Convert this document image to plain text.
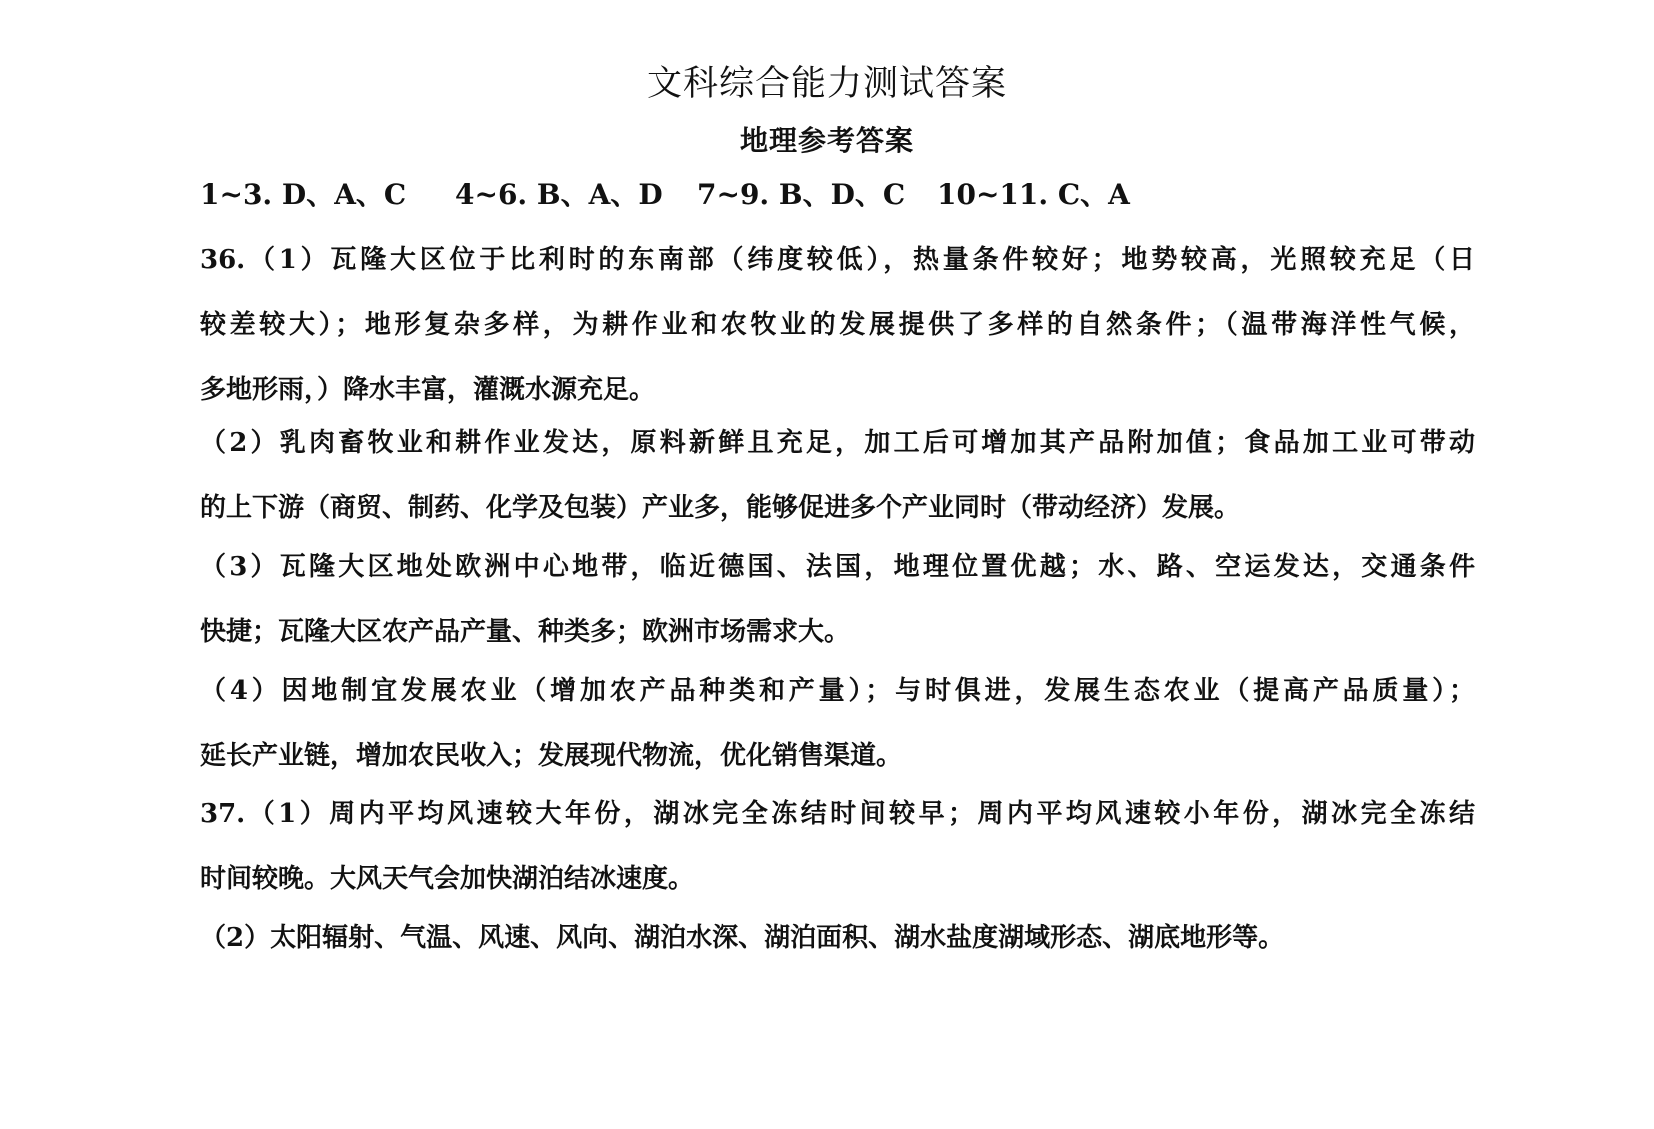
文科综合能力测试答案
地理参考答案
1~3. D、A、C 4~6. B、A、D 7~9. B、D、C 10~11. C、A
36.（1）瓦隆大区位于比利时的东南部（纬度较低），热量条件较好；地势较高，光照较充足（日
较差较大）；地形复杂多样，为耕作业和农牧业的发展提供了多样的自然条件；（温带海洋性气候，
多地形雨，）降水丰富，灌溉水源充足。
（2）乳肉畜牧业和耕作业发达，原料新鲜且充足，加工后可增加其产品附加值；食品加工业可带动
的上下游（商贸、制药、化学及包装）产业多，能够促进多个产业同时（带动经济）发展。
（3）瓦隆大区地处欧洲中心地带，临近德国、法国，地理位置优越；水、路、空运发达，交通条件
快捷；瓦隆大区农产品产量、种类多；欧洲市场需求大。
（4）因地制宜发展农业（增加农产品种类和产量）；与时俱进，发展生态农业（提高产品质量）；
延长产业链，增加农民收入；发展现代物流，优化销售渠道。
37.（1）周内平均风速较大年份，湖冰完全冻结时间较早；周内平均风速较小年份，湖冰完全冻结
时间较晚。大风天气会加快湖泊结冰速度。
（2）太阳辐射、气温、风速、风向、湖泊水深、湖泊面积、湖水盐度湖域形态、湖底地形等。
